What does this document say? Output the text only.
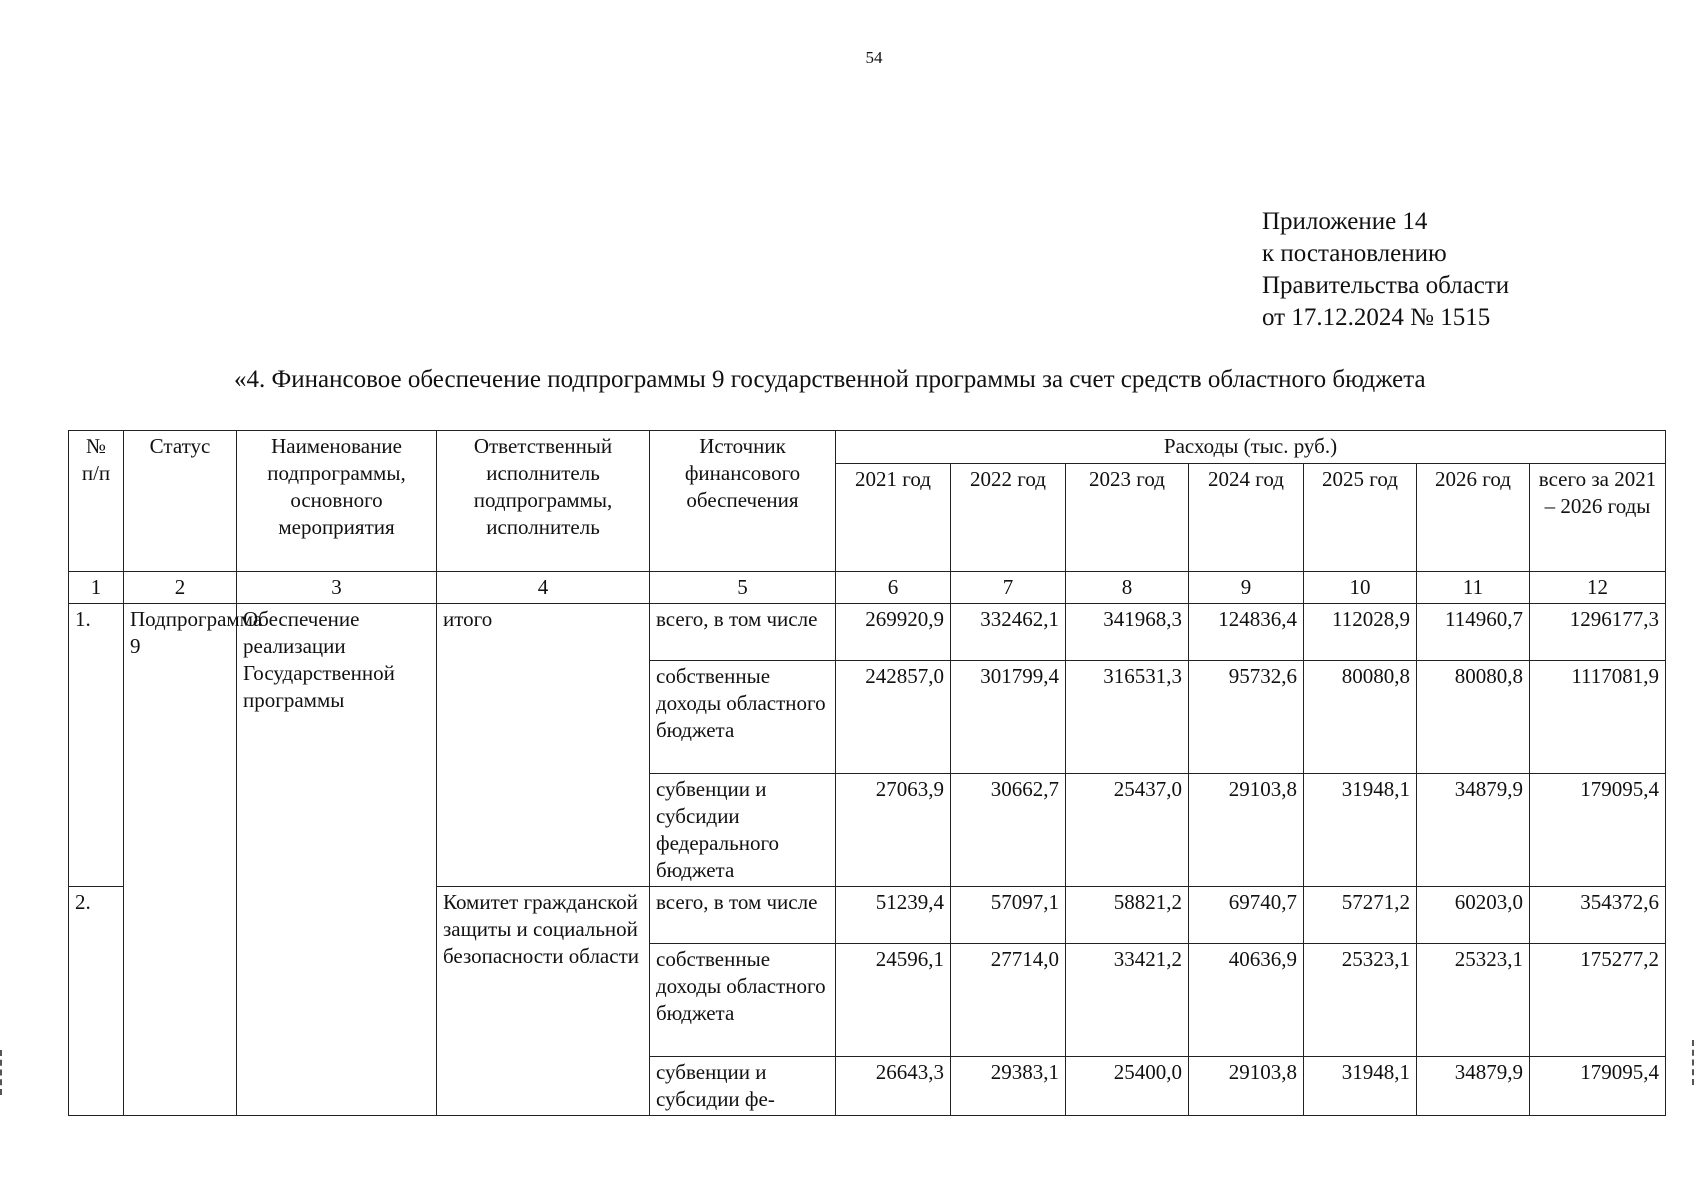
54
Приложение 14
к постановлению
Правительства области
от 17.12.2024 № 1515
«4. Финансовое обеспечение подпрограммы 9 государственной программы за счет средств областного бюджета
№ п/п	Статус	Наименование подпрограммы, основного мероприятия	Ответственный исполнитель подпрограммы, исполнитель	Источник финансового обеспечения	Расходы (тыс. руб.)						
					2021 год	2022 год	2023 год	2024 год	2025 год	2026 год	всего за 2021 – 2026 годы
1	2	3	4	5	6	7	8	9	10	11	12
1.	Подпрограмма 9	Обеспечение реализации Государственной программы	итого	всего, в том числе	269920,9	332462,1	341968,3	124836,4	112028,9	114960,7	1296177,3
				собственные доходы областного бюджета	242857,0	301799,4	316531,3	95732,6	80080,8	80080,8	1117081,9
				субвенции и субсидии федерального бюджета	27063,9	30662,7	25437,0	29103,8	31948,1	34879,9	179095,4
2.			Комитет гражданской защиты и социальной безопасности области	всего, в том числе	51239,4	57097,1	58821,2	69740,7	57271,2	60203,0	354372,6
				собственные доходы областного бюджета	24596,1	27714,0	33421,2	40636,9	25323,1	25323,1	175277,2
				субвенции и субсидии фе-	26643,3	29383,1	25400,0	29103,8	31948,1	34879,9	179095,4
